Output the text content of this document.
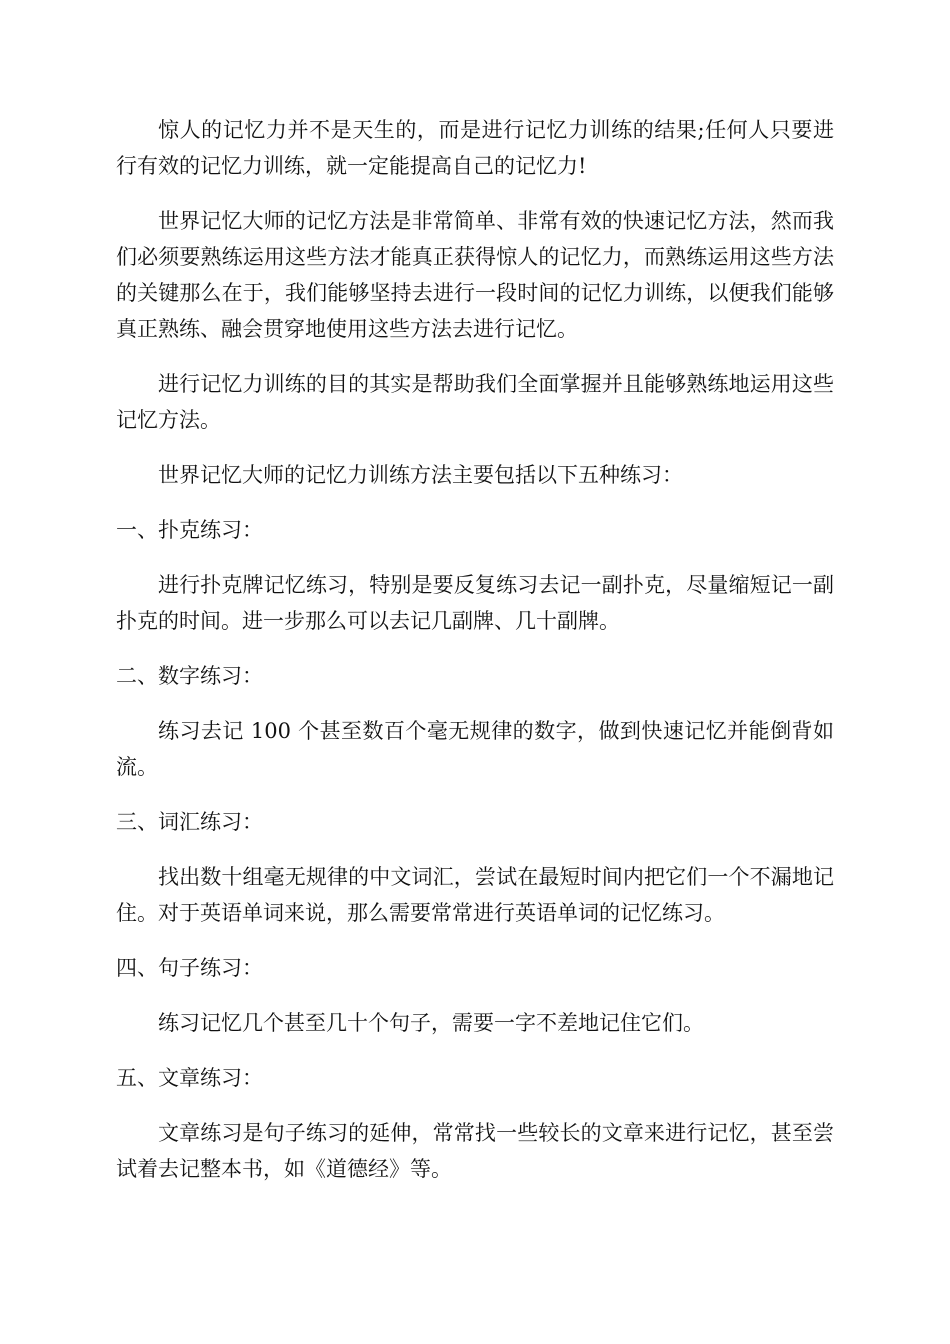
惊人的记忆力并不是天生的，而是进行记忆力训练的结果;任何人只要进行有效的记忆力训练，就一定能提高自己的记忆力!

世界记忆大师的记忆方法是非常简单、非常有效的快速记忆方法，然而我们必须要熟练运用这些方法才能真正获得惊人的记忆力，而熟练运用这些方法的关键那么在于，我们能够坚持去进行一段时间的记忆力训练，以便我们能够真正熟练、融会贯穿地使用这些方法去进行记忆。

进行记忆力训练的目的其实是帮助我们全面掌握并且能够熟练地运用这些记忆方法。

世界记忆大师的记忆力训练方法主要包括以下五种练习：

一、扑克练习：

进行扑克牌记忆练习，特别是要反复练习去记一副扑克，尽量缩短记一副扑克的时间。进一步那么可以去记几副牌、几十副牌。

二、数字练习：

练习去记 100 个甚至数百个毫无规律的数字，做到快速记忆并能倒背如流。

三、词汇练习：

找出数十组毫无规律的中文词汇，尝试在最短时间内把它们一个不漏地记住。对于英语单词来说，那么需要常常进行英语单词的记忆练习。

四、句子练习：

练习记忆几个甚至几十个句子，需要一字不差地记住它们。

五、文章练习：

文章练习是句子练习的延伸，常常找一些较长的文章来进行记忆，甚至尝试着去记整本书，如《道德经》等。
